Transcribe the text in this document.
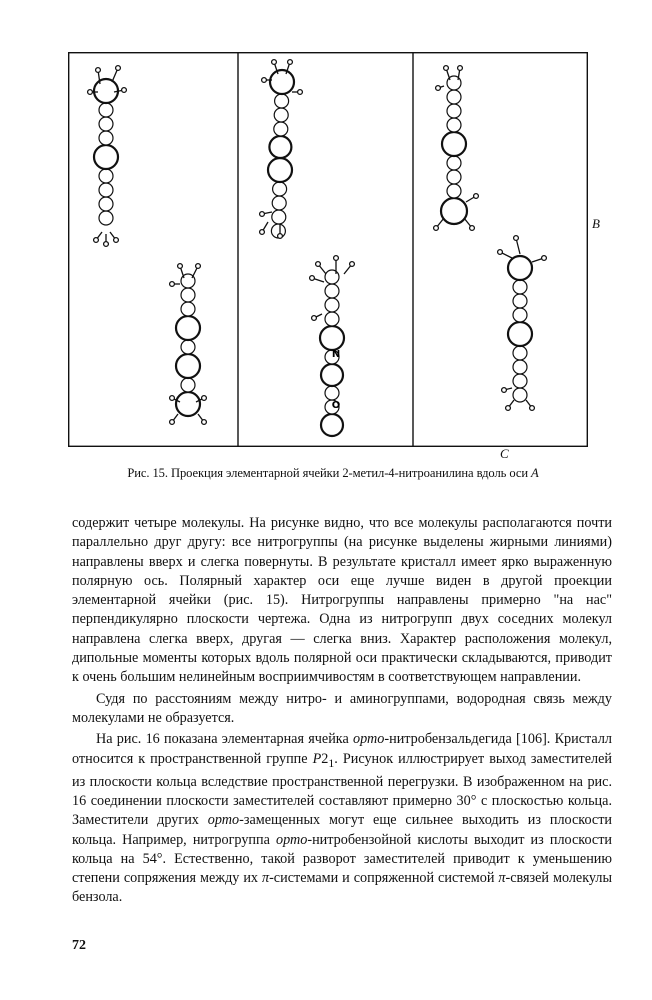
N
O
B
C
Рис. 15. Проекция элементарной ячейки 2-метил-4-нитроанилина вдоль оси A

содержит четыре молекулы. На рисунке видно, что все молекулы располагаются почти параллельно друг другу: все нитрогруппы (на рисунке выделены жирными линиями) направлены вверх и слегка повернуты. В результате кристалл имеет ярко выраженную полярную ось. Полярный характер оси еще лучше виден в другой проекции элементарной ячейки (рис. 15). Нитрогруппы направлены примерно "на нас" перпендикулярно плоскости чертежа. Одна из нитрогрупп двух соседних молекул направлена слегка вверх, другая — слегка вниз. Характер расположения молекул, дипольные моменты которых вдоль полярной оси практически складываются, приводит к очень большим нелинейным восприимчивостям в соответствующем направлении.

Судя по расстояниям между нитро- и аминогруппами, водородная связь между молекулами не образуется.

На рис. 16 показана элементарная ячейка орто-нитробензальдегида [106]. Кристалл относится к пространственной группе $P2_1$. Рисунок иллюстрирует выход заместителей из плоскости кольца вследствие пространственной перегрузки. В изображенном на рис. 16 соединении плоскости заместителей составляют примерно 30° с плоскостью кольца. Заместители других орто-замещенных могут еще сильнее выходить из плоскости кольца. Например, нитрогруппа орто-нитробензойной кислоты выходит из плоскости кольца на 54°. Естественно, такой разворот заместителей приводит к уменьшению степени сопряжения между их π-системами и сопряженной системой π-связей молекулы бензола.

72
